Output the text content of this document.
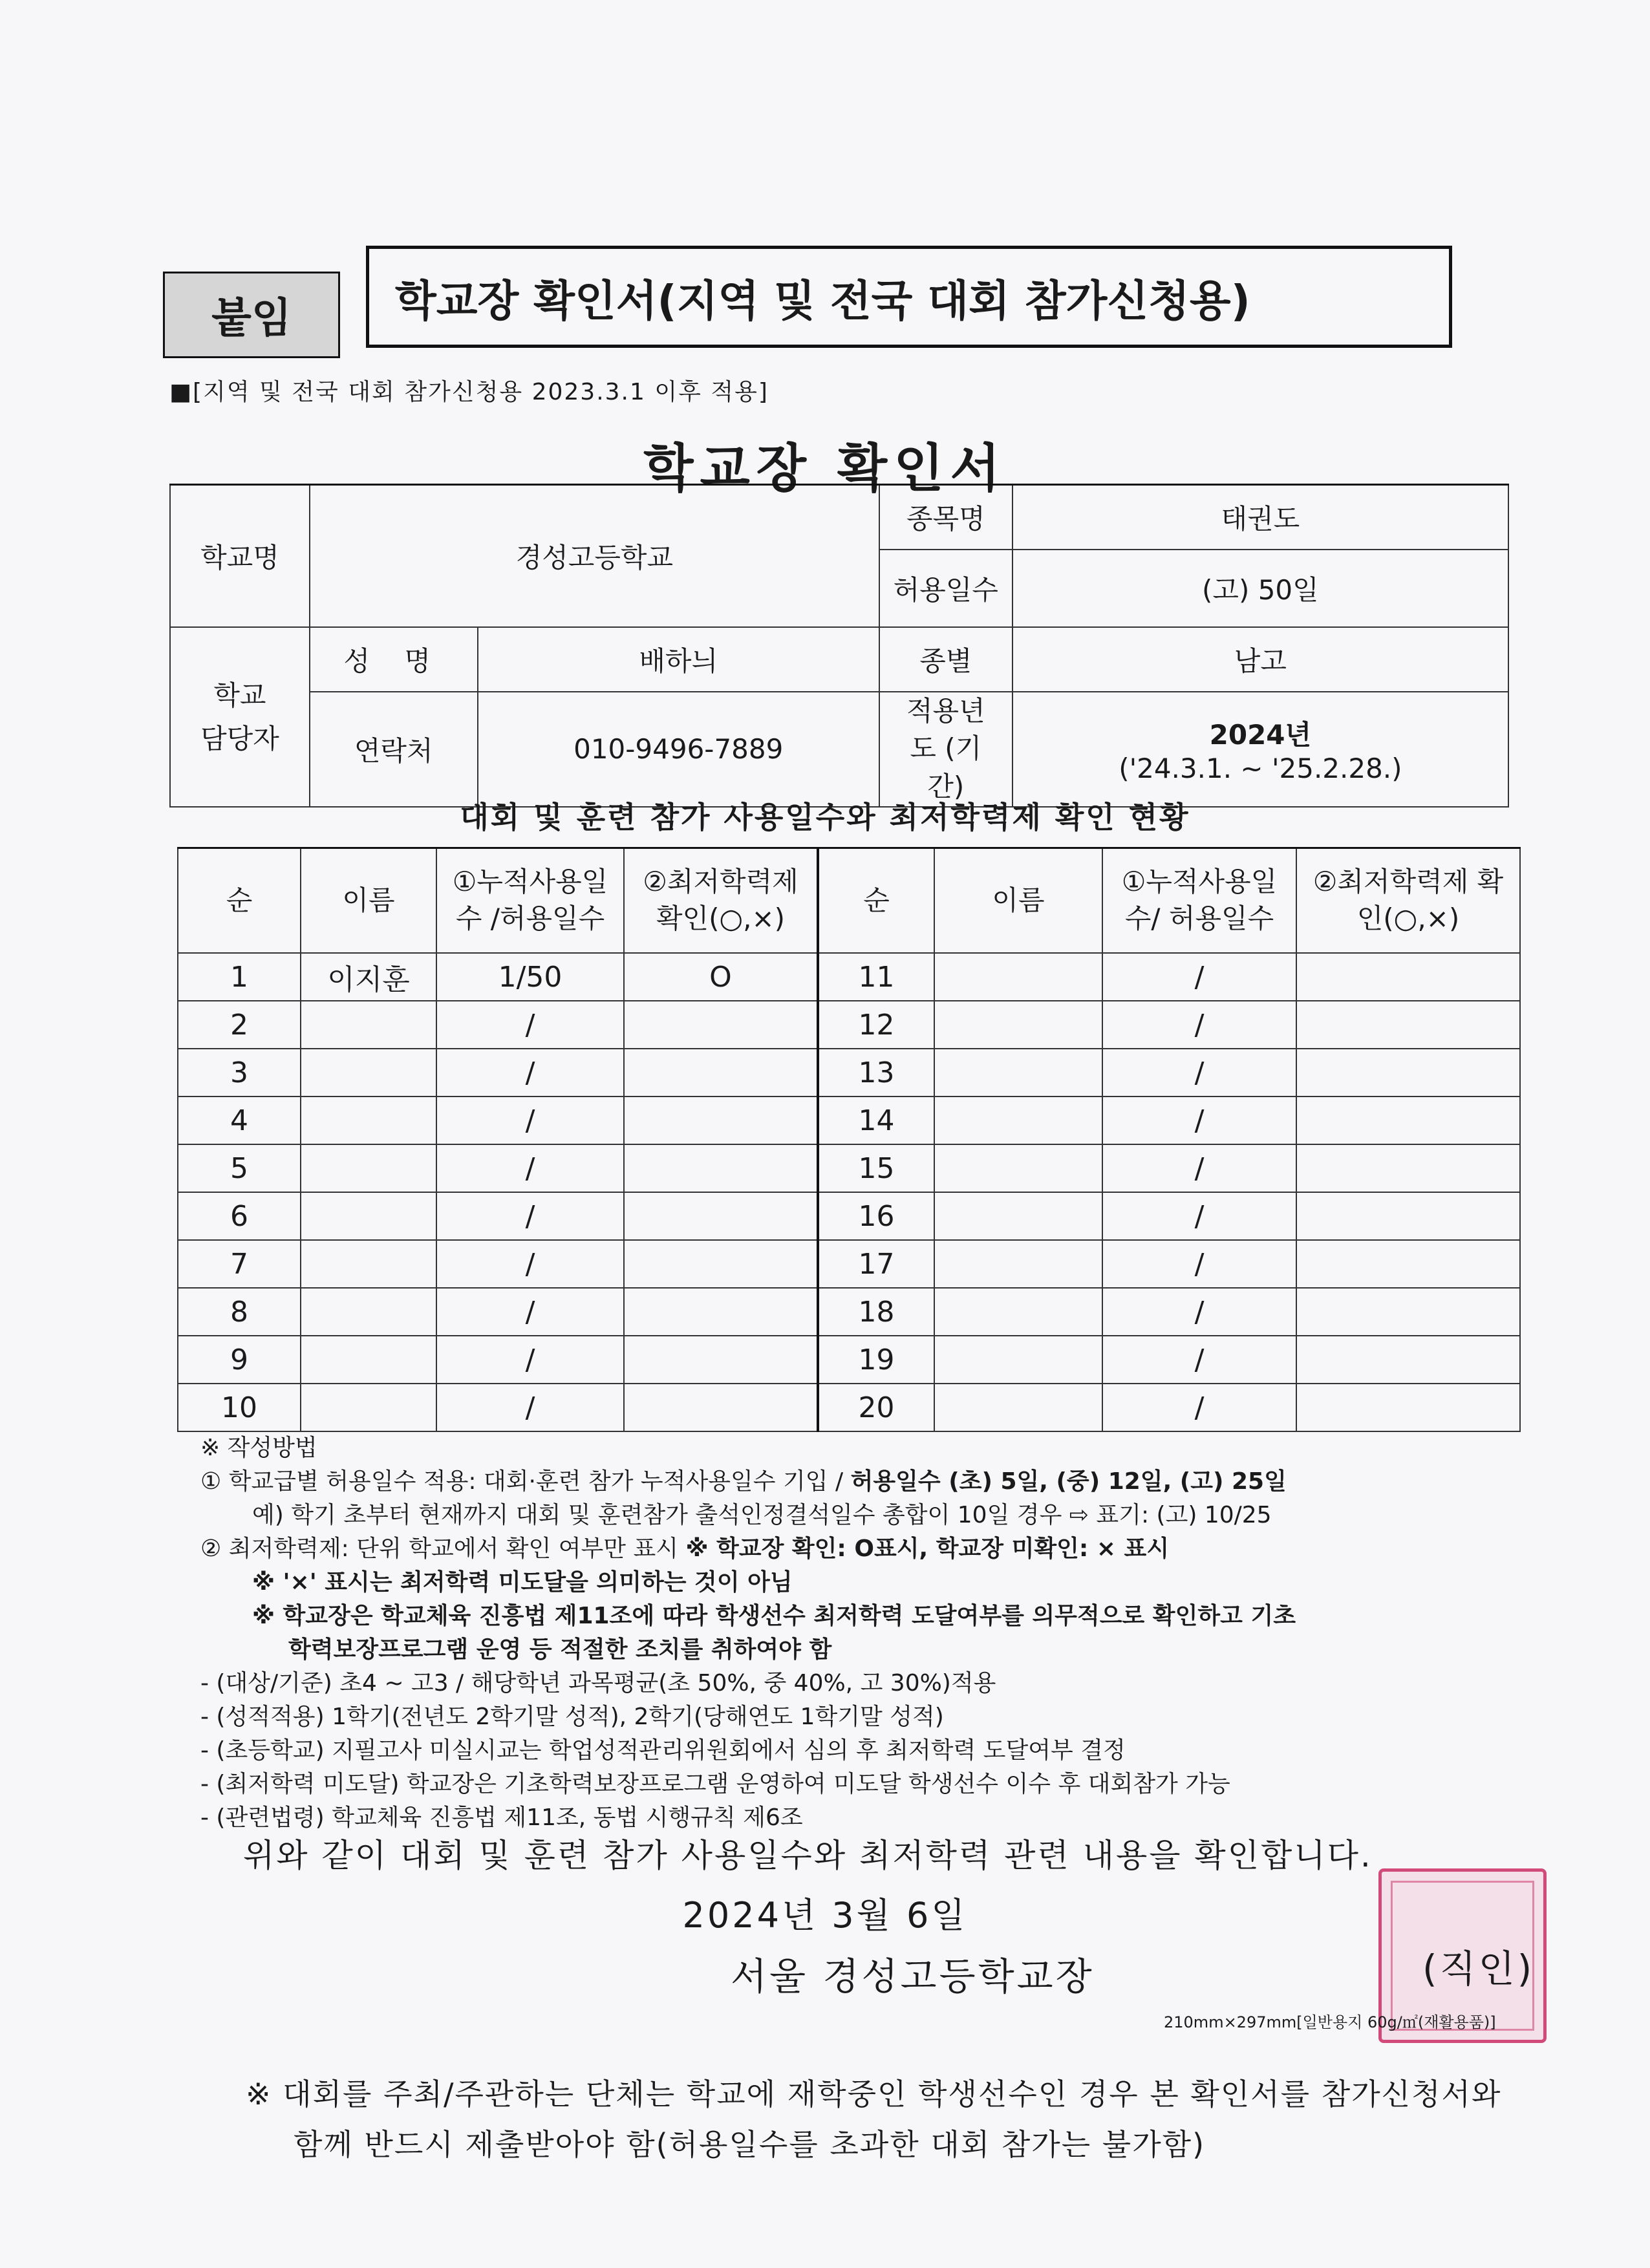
붙임	학교장 확인서(지역 및 전국 대회 참가신청용)
■[지역 및 전국 대회 참가신청용 2023.3.1 이후 적용]
학교장 확인서
학교명	경성고등학교		종목명	태권도
			허용일수	(고) 50일
학교 담당자	성 명	배하늬	종별	남고
	연락처	010-9496-7889	적용년도 (기간)	2024년
('24.3.1. ~ '25.2.28.)
대회 및 훈련 참가 사용일수와 최저학력제 확인 현황
순	이름	①누적사용일수 /허용일수	②최저학력제 확인(○,×)	순	이름	①누적사용일수/ 허용일수	②최저학력제 확인(○,×)
1	이지훈	1/50	O	11		/	
2		/		12		/	
3		/		13		/	
4		/		14		/	
5		/		15		/	
6		/		16		/	
7		/		17		/	
8		/		18		/	
9		/		19		/	
10		/		20		/	

※ 작성방법

① 학교급별 허용일수 적용: 대회·훈련 참가 누적사용일수 기입 / 허용일수 (초) 5일, (중) 12일, (고) 25일

예) 학기 초부터 현재까지 대회 및 훈련참가 출석인정결석일수 총합이 10일 경우 ⇨ 표기: (고) 10/25

② 최저학력제: 단위 학교에서 확인 여부만 표시 ※ 학교장 확인: O표시, 학교장 미확인: × 표시

※ '×' 표시는 최저학력 미도달을 의미하는 것이 아님

※ 학교장은 학교체육 진흥법 제11조에 따라 학생선수 최저학력 도달여부를 의무적으로 확인하고 기초

학력보장프로그램 운영 등 적절한 조치를 취하여야 함

- (대상/기준) 초4 ~ 고3 / 해당학년 과목평균(초 50%, 중 40%, 고 30%)적용

- (성적적용) 1학기(전년도 2학기말 성적), 2학기(당해연도 1학기말 성적)

- (초등학교) 지필고사 미실시교는 학업성적관리위원회에서 심의 후 최저학력 도달여부 결정

- (최저학력 미도달) 학교장은 기초학력보장프로그램 운영하여 미도달 학생선수 이수 후 대회참가 가능

- (관련법령) 학교체육 진흥법 제11조, 동법 시행규칙 제6조

위와 같이 대회 및 훈련 참가 사용일수와 최저학력 관련 내용을 확인합니다.
2024년 3월 6일
서울 경성고등학교장	(직인)
210mm×297mm[일반용지 60g/㎡(재활용품)]

※ 대회를 주최/주관하는 단체는 학교에 재학중인 학생선수인 경우 본 확인서를 참가신청서와

함께 반드시 제출받아야 함(허용일수를 초과한 대회 참가는 불가함)
